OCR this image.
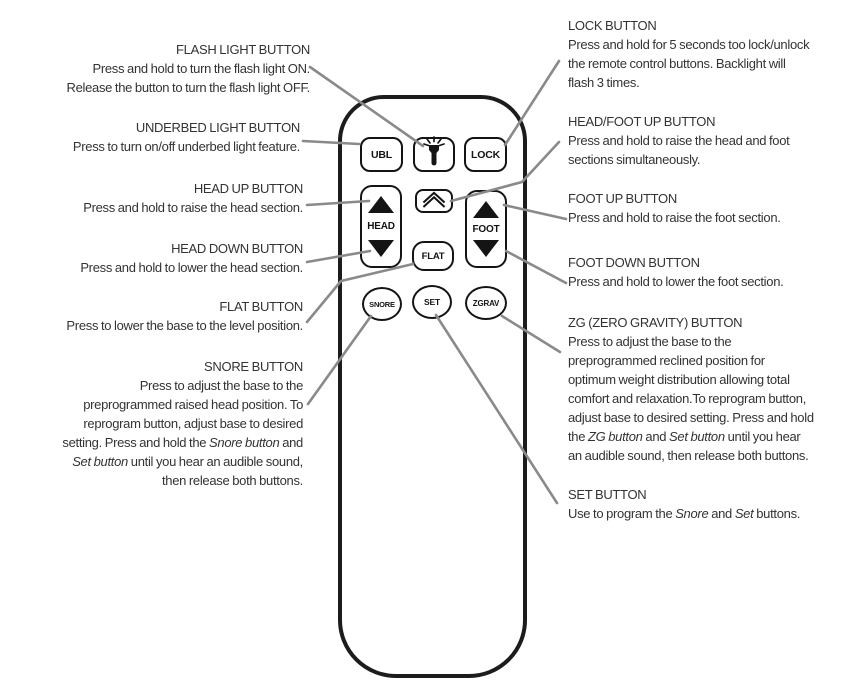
UBL	LOCK
HEAD	FOOT
FLAT
SNORE	SET	ZGRAV
FLASH LIGHT BUTTON
Press and hold to turn the flash light ON.
Release the button to turn the flash light OFF.
UNDERBED LIGHT BUTTON
Press to turn on/off underbed light feature.
HEAD UP BUTTON
Press and hold to raise the head section.
HEAD DOWN BUTTON
Press and hold to lower the head section.
FLAT BUTTON
Press to lower the base to the level position.
SNORE BUTTON
Press to adjust the base to the
preprogrammed raised head position. To
reprogram button, adjust base to desired
setting. Press and hold the Snore button and
Set button until you hear an audible sound,
then release both buttons.
LOCK BUTTON
Press and hold for 5 seconds too lock/unlock
the remote control buttons. Backlight will
flash 3 times.
HEAD/FOOT UP BUTTON
Press and hold to raise the head and foot
sections simultaneously.
FOOT UP BUTTON
Press and hold to raise the foot section.
FOOT DOWN BUTTON
Press and hold to lower the foot section.
ZG (ZERO GRAVITY) BUTTON
Press to adjust the base to the
preprogrammed reclined position for
optimum weight distribution allowing total
comfort and relaxation.To reprogram button,
adjust base to desired setting. Press and hold
the ZG button and Set button until you hear
an audible sound, then release both buttons.
SET BUTTON
Use to program the Snore and Set buttons.
